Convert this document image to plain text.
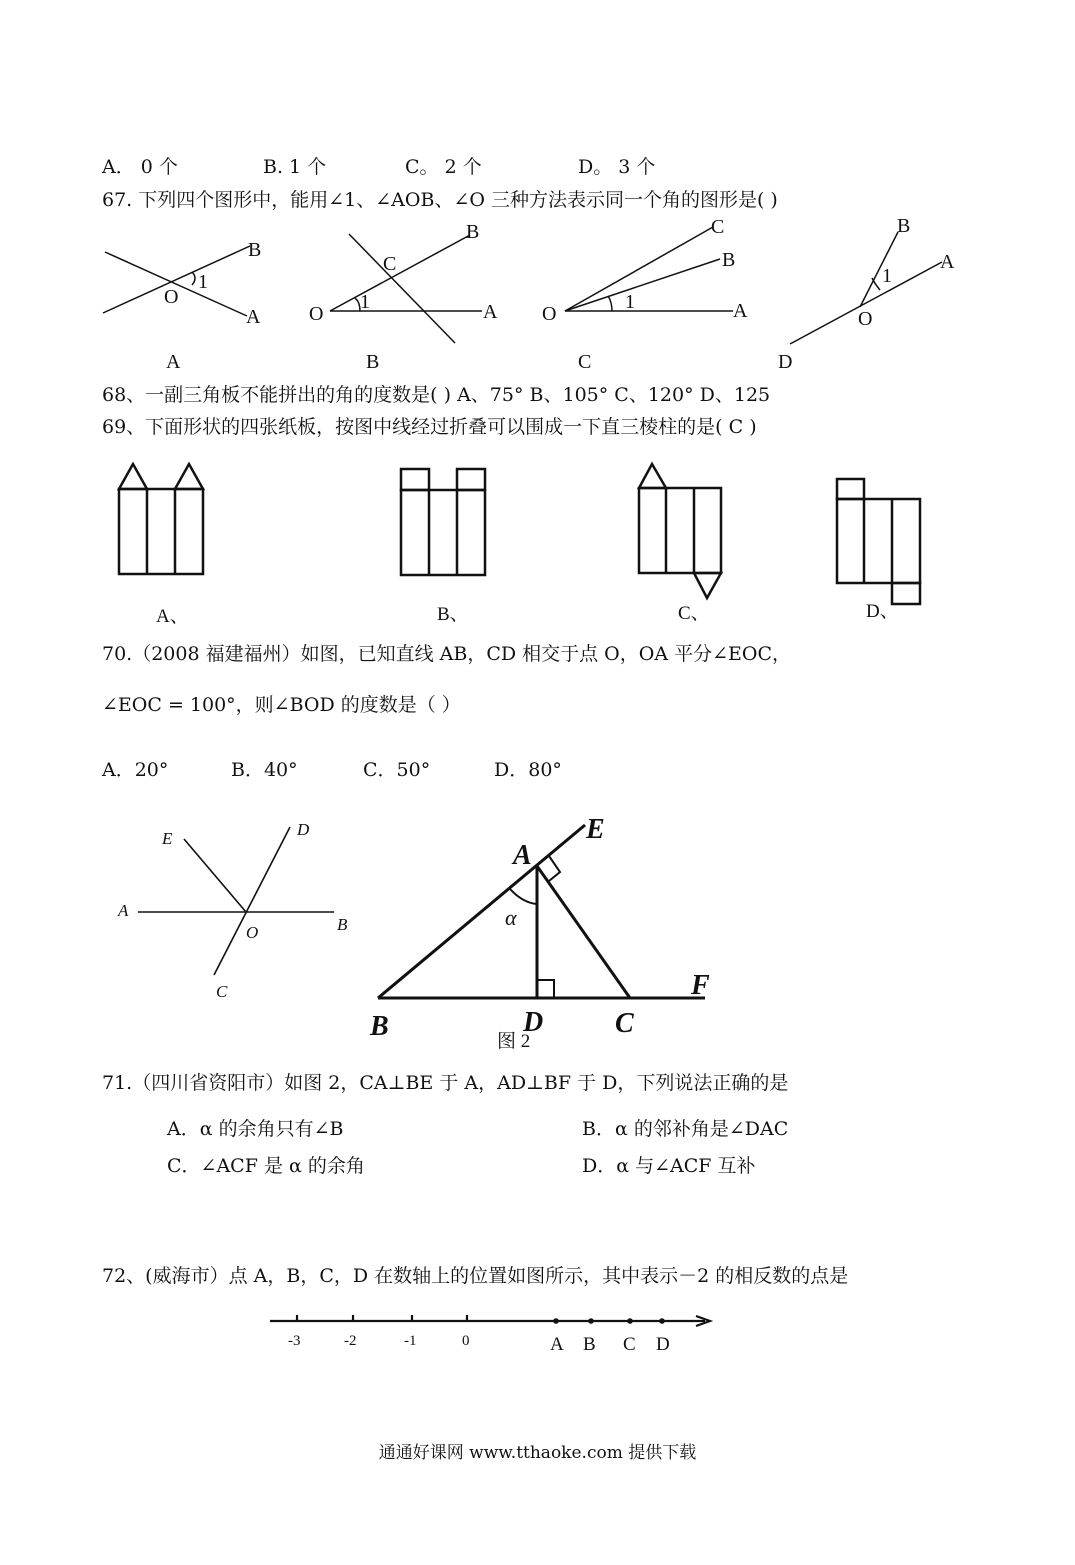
A． 0 个	B. 1 个	C。 2 个	D。 3 个
67. 下列四个图形中，能用∠1、∠AOB、∠O 三种方法表示同一个角的图形是( )
B
1
O
A
A
B
C
1
O	A
B
C
B
1
O	A
C
B
1
A
O
D
68、一副三角板不能拼出的角的度数是( ) A、75° B、105° C、120° D、125
69、下面形状的四张纸板，按图中线经过折叠可以围成一下直三棱柱的是( C )
A、	B、	C、	D、
70.（2008 福建福州）如图，已知直线 AB，CD 相交于点 O，OA 平分∠EOC，
∠EOC = 100°，则∠BOD 的度数是（ ）
A．20°	B．40°	C．50°	D．80°
E	D
A
B
O
C
A
E
F
B	D	C
α
图 2
71.（四川省资阳市）如图 2，CA⊥BE 于 A，AD⊥BF 于 D，下列说法正确的是
A．α 的余角只有∠B	B．α 的邻补角是∠DAC
C．∠ACF 是 α 的余角	D．α 与∠ACF 互补
72、(威海市）点 A，B，C，D 在数轴上的位置如图所示，其中表示－2 的相反数的点是
-3	-2	-1	0	A B C D
通通好课网 www.tthaoke.com 提供下载
